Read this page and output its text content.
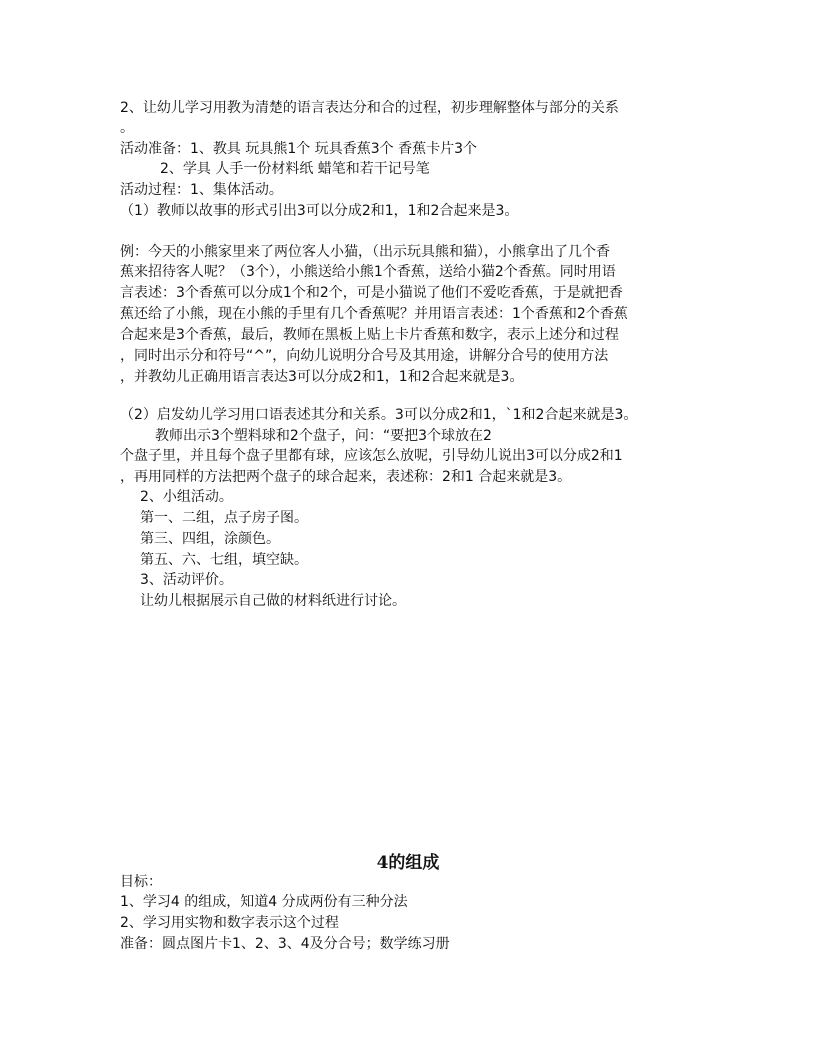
2、让幼儿学习用教为清楚的语言表达分和合的过程，初步理解整体与部分的关系
。
活动准备：1、教具 玩具熊1个 玩具香蕉3个 香蕉卡片3个
2、学具 人手一份材料纸 蜡笔和若干记号笔
活动过程：1、集体活动。
（1）教师以故事的形式引出3可以分成2和1，1和2合起来是3。
例：今天的小熊家里来了两位客人小猫，（出示玩具熊和猫），小熊拿出了几个香
蕉来招待客人呢？（3个），小熊送给小熊1个香蕉，送给小猫2个香蕉。同时用语
言表述：3个香蕉可以分成1个和2个，可是小猫说了他们不爱吃香蕉，于是就把香
蕉还给了小熊，现在小熊的手里有几个香蕉呢？并用语言表述：1个香蕉和2个香蕉
合起来是3个香蕉，最后，教师在黑板上贴上卡片香蕉和数字，表示上述分和过程
，同时出示分和符号“^”，向幼儿说明分合号及其用途，讲解分合号的使用方法
，并教幼儿正确用语言表达3可以分成2和1，1和2合起来就是3。
（2）启发幼儿学习用口语表述其分和关系。3可以分成2和1，`1和2合起来就是3。
教师出示3个塑料球和2个盘子，问：“要把3个球放在2
个盘子里，并且每个盘子里都有球，应该怎么放呢，引导幼儿说出3可以分成2和1
，再用同样的方法把两个盘子的球合起来，表述称：2和1 合起来就是3。
2、小组活动。
第一、二组，点子房子图。
第三、四组，涂颜色。
第五、六、七组，填空缺。
3、活动评价。
让幼儿根据展示自己做的材料纸进行讨论。
4的组成
目标：
1、学习4 的组成，知道4 分成两份有三种分法
2、学习用实物和数字表示这个过程
准备：圆点图片卡1、2、3、4及分合号；数学练习册
